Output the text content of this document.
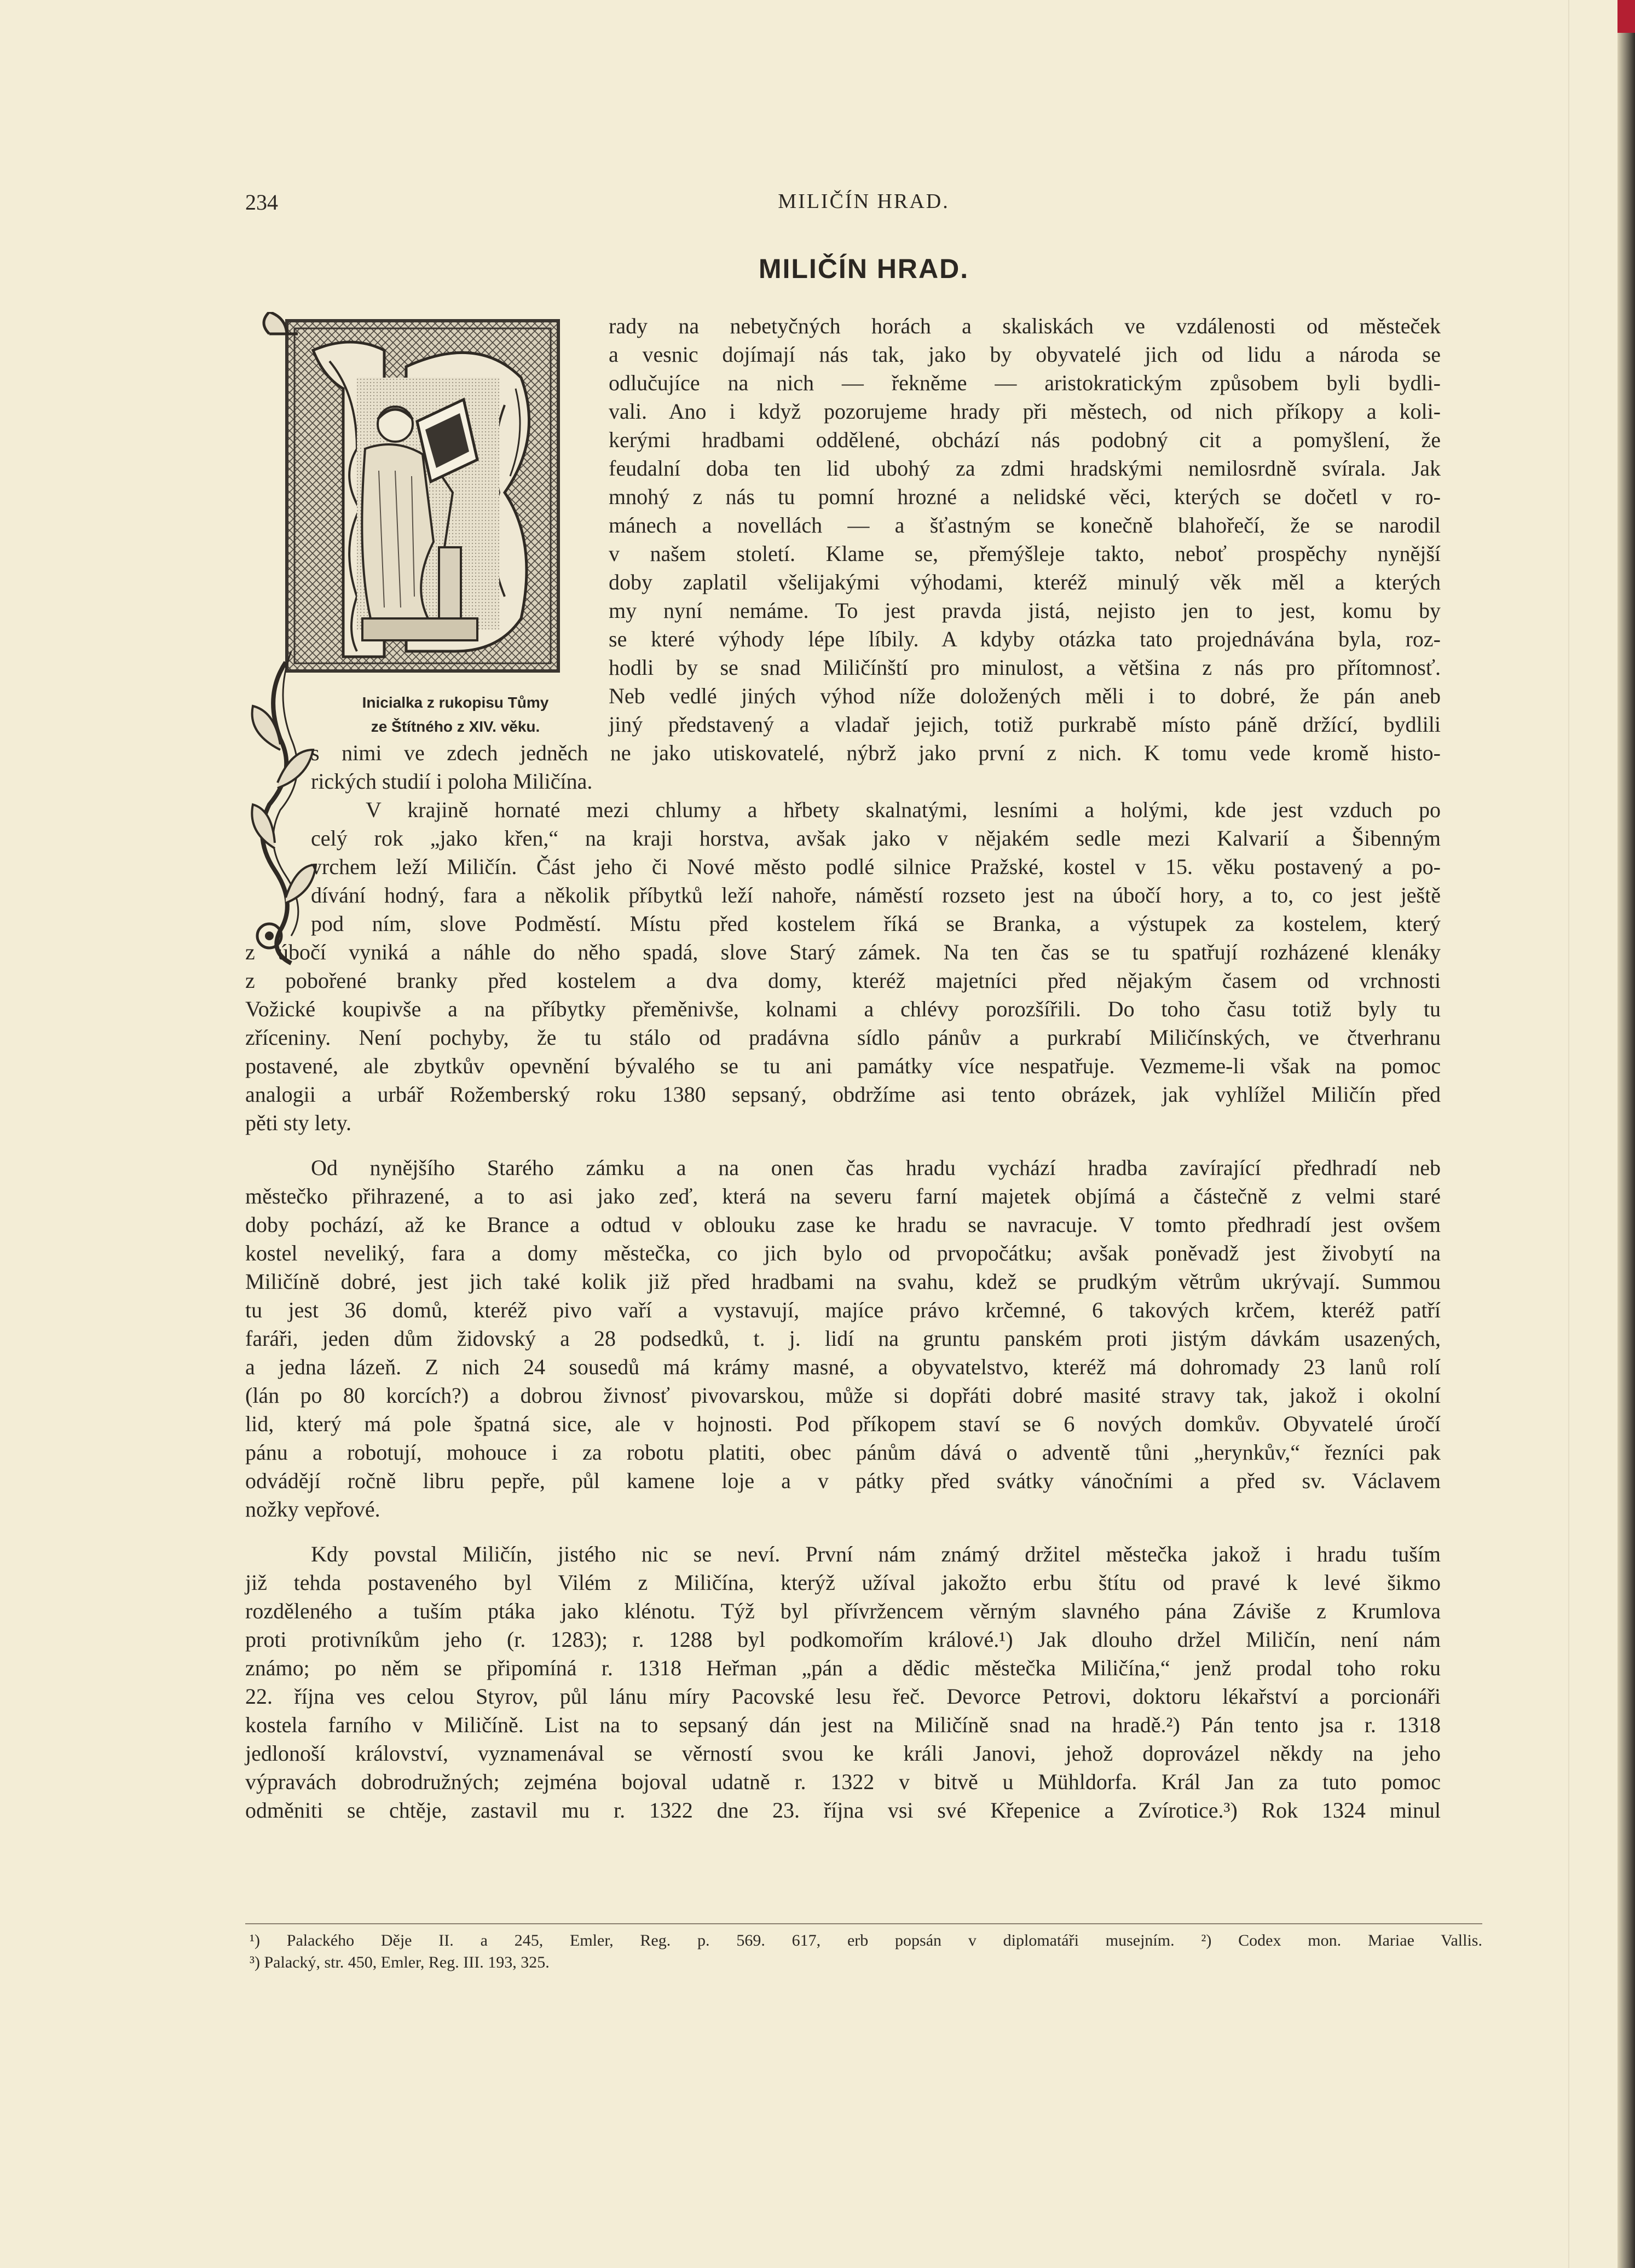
234	MILIČÍN HRAD.
MILIČÍN HRAD.
Inicialka z rukopisu Tůmy
ze Štítného z XIV. věku.
rady na nebetyčných horách a skaliskách ve vzdálenosti od městeček
a vesnic dojímají nás tak, jako by obyvatelé jich od lidu a národa se
odlučujíce na nich — řekněme — aristokratickým způsobem byli bydli-
vali. Ano i když pozorujeme hrady při městech, od nich příkopy a koli-
kerými hradbami oddělené, obchází nás podobný cit a pomyšlení, že
feudalní doba ten lid ubohý za zdmi hradskými nemilosrdně svírala. Jak
mnohý z nás tu pomní hrozné a nelidské věci, kterých se dočetl v ro-
mánech a novellách — a šťastným se konečně blahořečí, že se narodil
v našem století. Klame se, přemýšleje takto, neboť prospěchy nynější
doby zaplatil všelijakými výhodami, kteréž minulý věk měl a kterých
my nyní nemáme. To jest pravda jistá, nejisto jen to jest, komu by
se které výhody lépe líbily. A kdyby otázka tato projednávána byla, roz-
hodli by se snad Miličínští pro minulost, a většina z nás pro přítomnosť.
Neb vedlé jiných výhod níže doložených měli i to dobré, že pán aneb
jiný představený a vladař jejich, totiž purkrabě místo páně držící, bydlili
s nimi ve zdech jedněch ne jako utiskovatelé, nýbrž jako první z nich. K tomu vede kromě histo-
rických studií i poloha Miličína.
V krajině hornaté mezi chlumy a hřbety skalnatými, lesními a holými, kde jest vzduch po
celý rok „jako křen,“ na kraji horstva, avšak jako v nějakém sedle mezi Kalvarií a Šibenným
vrchem leží Miličín. Část jeho či Nové město podlé silnice Pražské, kostel v 15. věku postavený a po-
dívání hodný, fara a několik příbytků leží nahoře, náměstí rozseto jest na úbočí hory, a to, co jest ještě
pod ním, slove Podměstí. Místu před kostelem říká se Branka, a výstupek za kostelem, který
z úbočí vyniká a náhle do něho spadá, slove Starý zámek. Na ten čas se tu spatřují rozházené klenáky
z pobořené branky před kostelem a dva domy, kteréž majetníci před nějakým časem od vrchnosti
Vožické koupivše a na příbytky přeměnivše, kolnami a chlévy porozšířili. Do toho času totiž byly tu
zříceniny. Není pochyby, že tu stálo od pradávna sídlo pánův a purkrabí Miličínských, ve čtverhranu
postavené, ale zbytkův opevnění bývalého se tu ani památky více nespatřuje. Vezmeme-li však na pomoc
analogii a urbář Rožemberský roku 1380 sepsaný, obdržíme asi tento obrázek, jak vyhlížel Miličín před
pěti sty lety.
Od nynějšího Starého zámku a na onen čas hradu vychází hradba zavírající předhradí neb
městečko přihrazené, a to asi jako zeď, která na severu farní majetek objímá a částečně z velmi staré
doby pochází, až ke Brance a odtud v oblouku zase ke hradu se navracuje. V tomto předhradí jest ovšem
kostel neveliký, fara a domy městečka, co jich bylo od prvopočátku; avšak poněvadž jest živobytí na
Miličíně dobré, jest jich také kolik již před hradbami na svahu, kdež se prudkým větrům ukrývají. Summou
tu jest 36 domů, kteréž pivo vaří a vystavují, majíce právo krčemné, 6 takových krčem, kteréž patří
faráři, jeden dům židovský a 28 podsedků, t. j. lidí na gruntu panském proti jistým dávkám usazených,
a jedna lázeň. Z nich 24 sousedů má krámy masné, a obyvatelstvo, kteréž má dohromady 23 lanů rolí
(lán po 80 korcích?) a dobrou živnosť pivovarskou, může si dopřáti dobré masité stravy tak, jakož i okolní
lid, který má pole špatná sice, ale v hojnosti. Pod příkopem staví se 6 nových domkův. Obyvatelé úročí
pánu a robotují, mohouce i za robotu platiti, obec pánům dává o adventě tůni „herynkův,“ řezníci pak
odvádějí ročně libru pepře, půl kamene loje a v pátky před svátky vánočními a před sv. Václavem
nožky vepřové.
Kdy povstal Miličín, jistého nic se neví. První nám známý držitel městečka jakož i hradu tuším
již tehda postaveného byl Vilém z Miličína, kterýž užíval jakožto erbu štítu od pravé k levé šikmo
rozděleného a tuším ptáka jako klénotu. Týž byl přívržencem věrným slavného pána Záviše z Krumlova
proti protivníkům jeho (r. 1283); r. 1288 byl podkomořím králové.¹) Jak dlouho držel Miličín, není nám
známo; po něm se připomíná r. 1318 Heřman „pán a dědic městečka Miličína,“ jenž prodal toho roku
22. října ves celou Styrov, půl lánu míry Pacovské lesu řeč. Devorce Petrovi, doktoru lékařství a porcionáři
kostela farního v Miličíně. List na to sepsaný dán jest na Miličíně snad na hradě.²) Pán tento jsa r. 1318
jedlonoší království, vyznamenával se věrností svou ke králi Janovi, jehož doprovázel někdy na jeho
výpravách dobrodružných; zejména bojoval udatně r. 1322 v bitvě u Mühldorfa. Král Jan za tuto pomoc
odměniti se chtěje, zastavil mu r. 1322 dne 23. října vsi své Křepenice a Zvírotice.³) Rok 1324 minul
¹) Palackého Děje II. a 245, Emler, Reg. p. 569. 617, erb popsán v diplomatáři musejním. ²) Codex mon. Mariae Vallis.
³) Palacký, str. 450, Emler, Reg. III. 193, 325.
